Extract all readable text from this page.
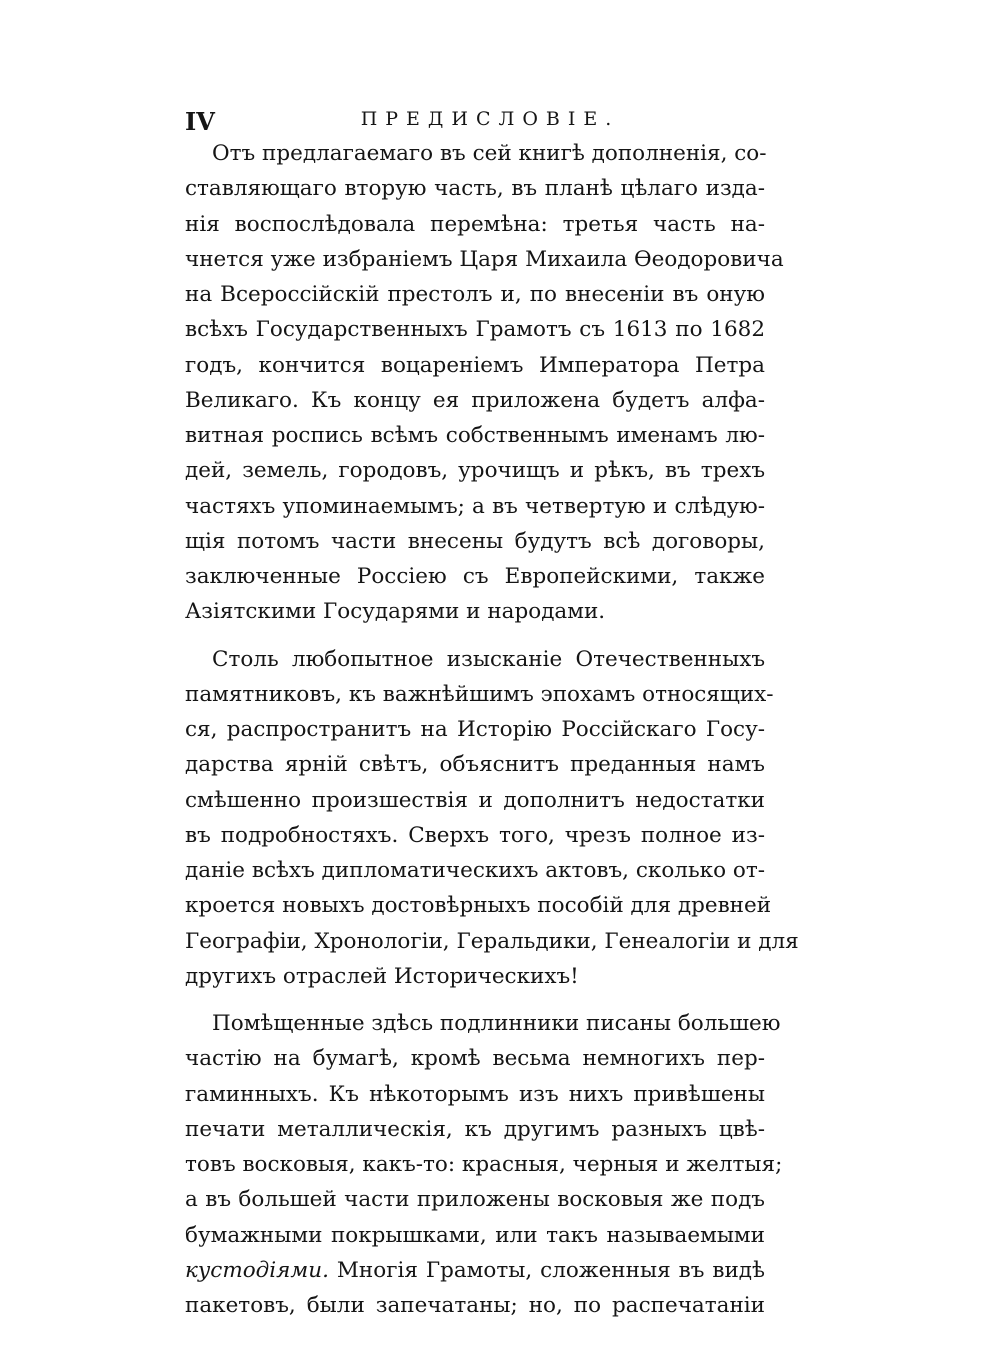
IV	ПРЕДИСЛОВІЕ.
Отъ предлагаемаго въ сей книгѣ дополненія, со-
ставляющаго вторую часть, въ планѣ цѣлаго изда-
нія воспослѣдовала перемѣна: третья часть на-
чнется уже избраніемъ Царя Михаила Ѳеодоровича
на Всероссійскій престолъ и, по внесеніи въ оную
всѣхъ Государственныхъ Грамотъ съ 1613 по 1682
годъ, кончится воцареніемъ Императора Петра
Великаго. Къ концу ея приложена будетъ алфа-
витная роспись всѣмъ собственнымъ именамъ лю-
дей, земель, городовъ, урочищъ и рѣкъ, въ трехъ
частяхъ упоминаемымъ; а въ четвертую и слѣдую-
щія потомъ части внесены будутъ всѣ договоры,
заключенные Россіею съ Европейскими, также
Азіятскими Государями и народами.
Столь любопытное изысканіе Отечественныхъ
памятниковъ, къ важнѣйшимъ эпохамъ относящих-
ся, распространитъ на Исторію Россійскаго Госу-
дарства ярній свѣтъ, объяснитъ преданныя намъ
смѣшенно произшествія и дополнитъ недостатки
въ подробностяхъ. Сверхъ того, чрезъ полное из-
даніе всѣхъ дипломатическихъ актовъ, сколько от-
кроется новыхъ достовѣрныхъ пособій для древней
Географіи, Хронологіи, Геральдики, Генеалогіи и для
другихъ отраслей Историческихъ!
Помѣщенные здѣсь подлинники писаны большею
частію на бумагѣ, кромѣ весьма немногихъ пер-
гаминныхъ. Къ нѣкоторымъ изъ нихъ привѣшены
печати металлическія, къ другимъ разныхъ цвѣ-
товъ восковыя, какъ-то: красныя, черныя и желтыя;
а въ большей части приложены восковыя же подъ
бумажными покрышками, или такъ называемыми
кустодіями. Многія Грамоты, сложенныя въ видѣ
пакетовъ, были запечатаны; но, по распечатаніи
